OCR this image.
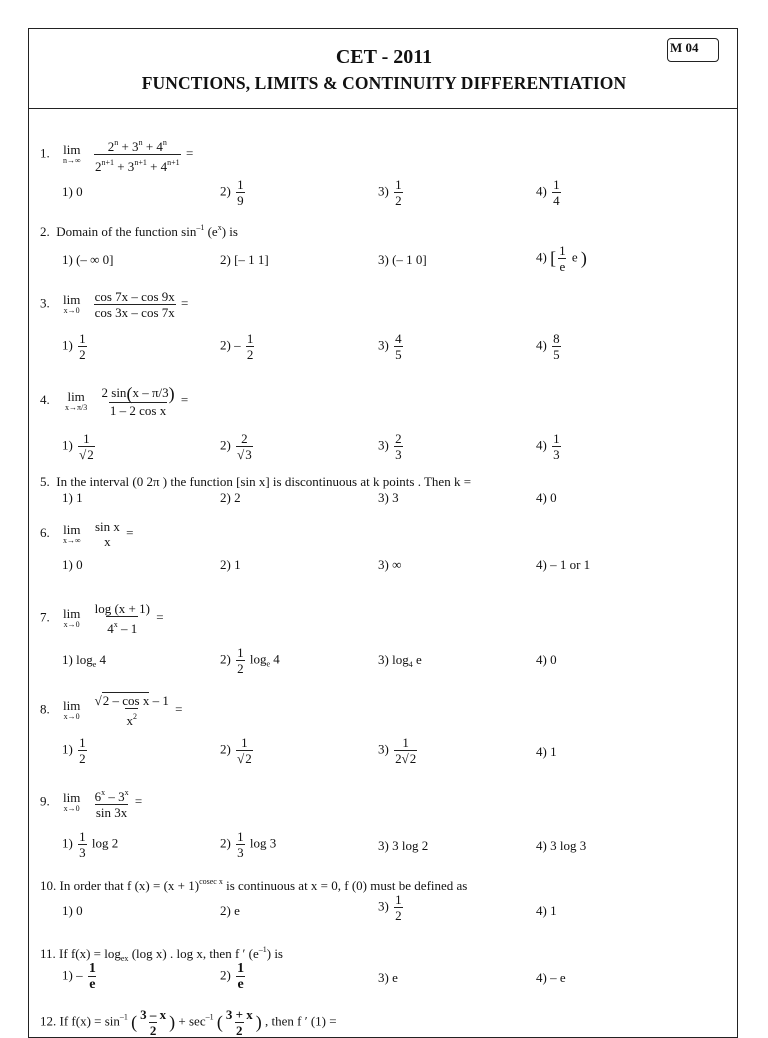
M 04
CET - 2011
FUNCTIONS, LIMITS & CONTINUITY DIFFERENTIATION
1. lim
n→∞
$\frac{2^n + 3^n + 4^n}{2^{n+1} + 3^{n+1} + 4^{n+1}}$ =
1) 0	$2) \frac{1}{9}$	$3) \frac{1}{2}$	$4) \frac{1}{4}$
2. Domain of the function $\sin^{-1} (e^x)$ is
1) (– ∞ 0]	2) [– 1 1]	3) (– 1 0]	4) [ $\frac{1}{e}$ e )
3. lim
x→0
$\frac{\cos 7x - \cos 9x}{\cos 3x - \cos 7x}$ =
$1) \frac{1}{2}$	$2) - \frac{1}{2}$	$3) \frac{4}{5}$	$4) \frac{8}{5}$
4. lim
x→π/3
$\frac{2 \sin(x - \pi/3)}{\text{1 – 2 cos x}}$ =
$1) \frac{1}{√2}$	$2) \frac{2}{√3}$	$3) \frac{2}{3}$	$4) \frac{1}{3}$
5. In the interval (0 2π ) the function [sin x] is discontinuous at k points . Then k =
1) 1	2) 2	3) 3	4) 0
6. lim
x→∞

sin x
x
=
1) 0	2) 1	3) ∞	4) – 1 or 1
7. lim
x→0
$\frac{\log (x + 1)}{4^x - 1}$ =
1) $\log_e 4$	$2) \frac{1}{2} \log_e 4$	3) $\log_4 e$	4) 0
8. lim
x→0
$\frac{\text{√2 – cos x – 1}}{x^2}$ =
$1) \frac{1}{2}$	$2) \frac{1}{√2}$	$3) \frac{1}{2√2}$	4) 1
9. lim
x→0
$\frac{6^x - 3^x}{\sin 3x}$ =
$1) \frac{1}{3}$ log 2	$2) \frac{1}{3}$ log 3	3) 3 log 2	4) 3 log 3
10. In order that f $(x) = (x + 1)^{cosec x}$ is continuous at x = 0, f (0) must be defined as
1) 0	2) e	$3) \frac{1}{2}$	4) 1
11. If $f(x) = \log_{ex} (\log$ x) . log x, then f ′ $(e^{-1})$ is
$1) - \frac{1}{e}$	$2) \frac{1}{e}$	3) e	4) – e
12. If $f(x) = \sin^{-1}$ ( $\frac{3 - x}{2}$ ) + $\sec^{-1}$ ( $\frac{3 + x}{2}$ ) , then f ′ (1) =
